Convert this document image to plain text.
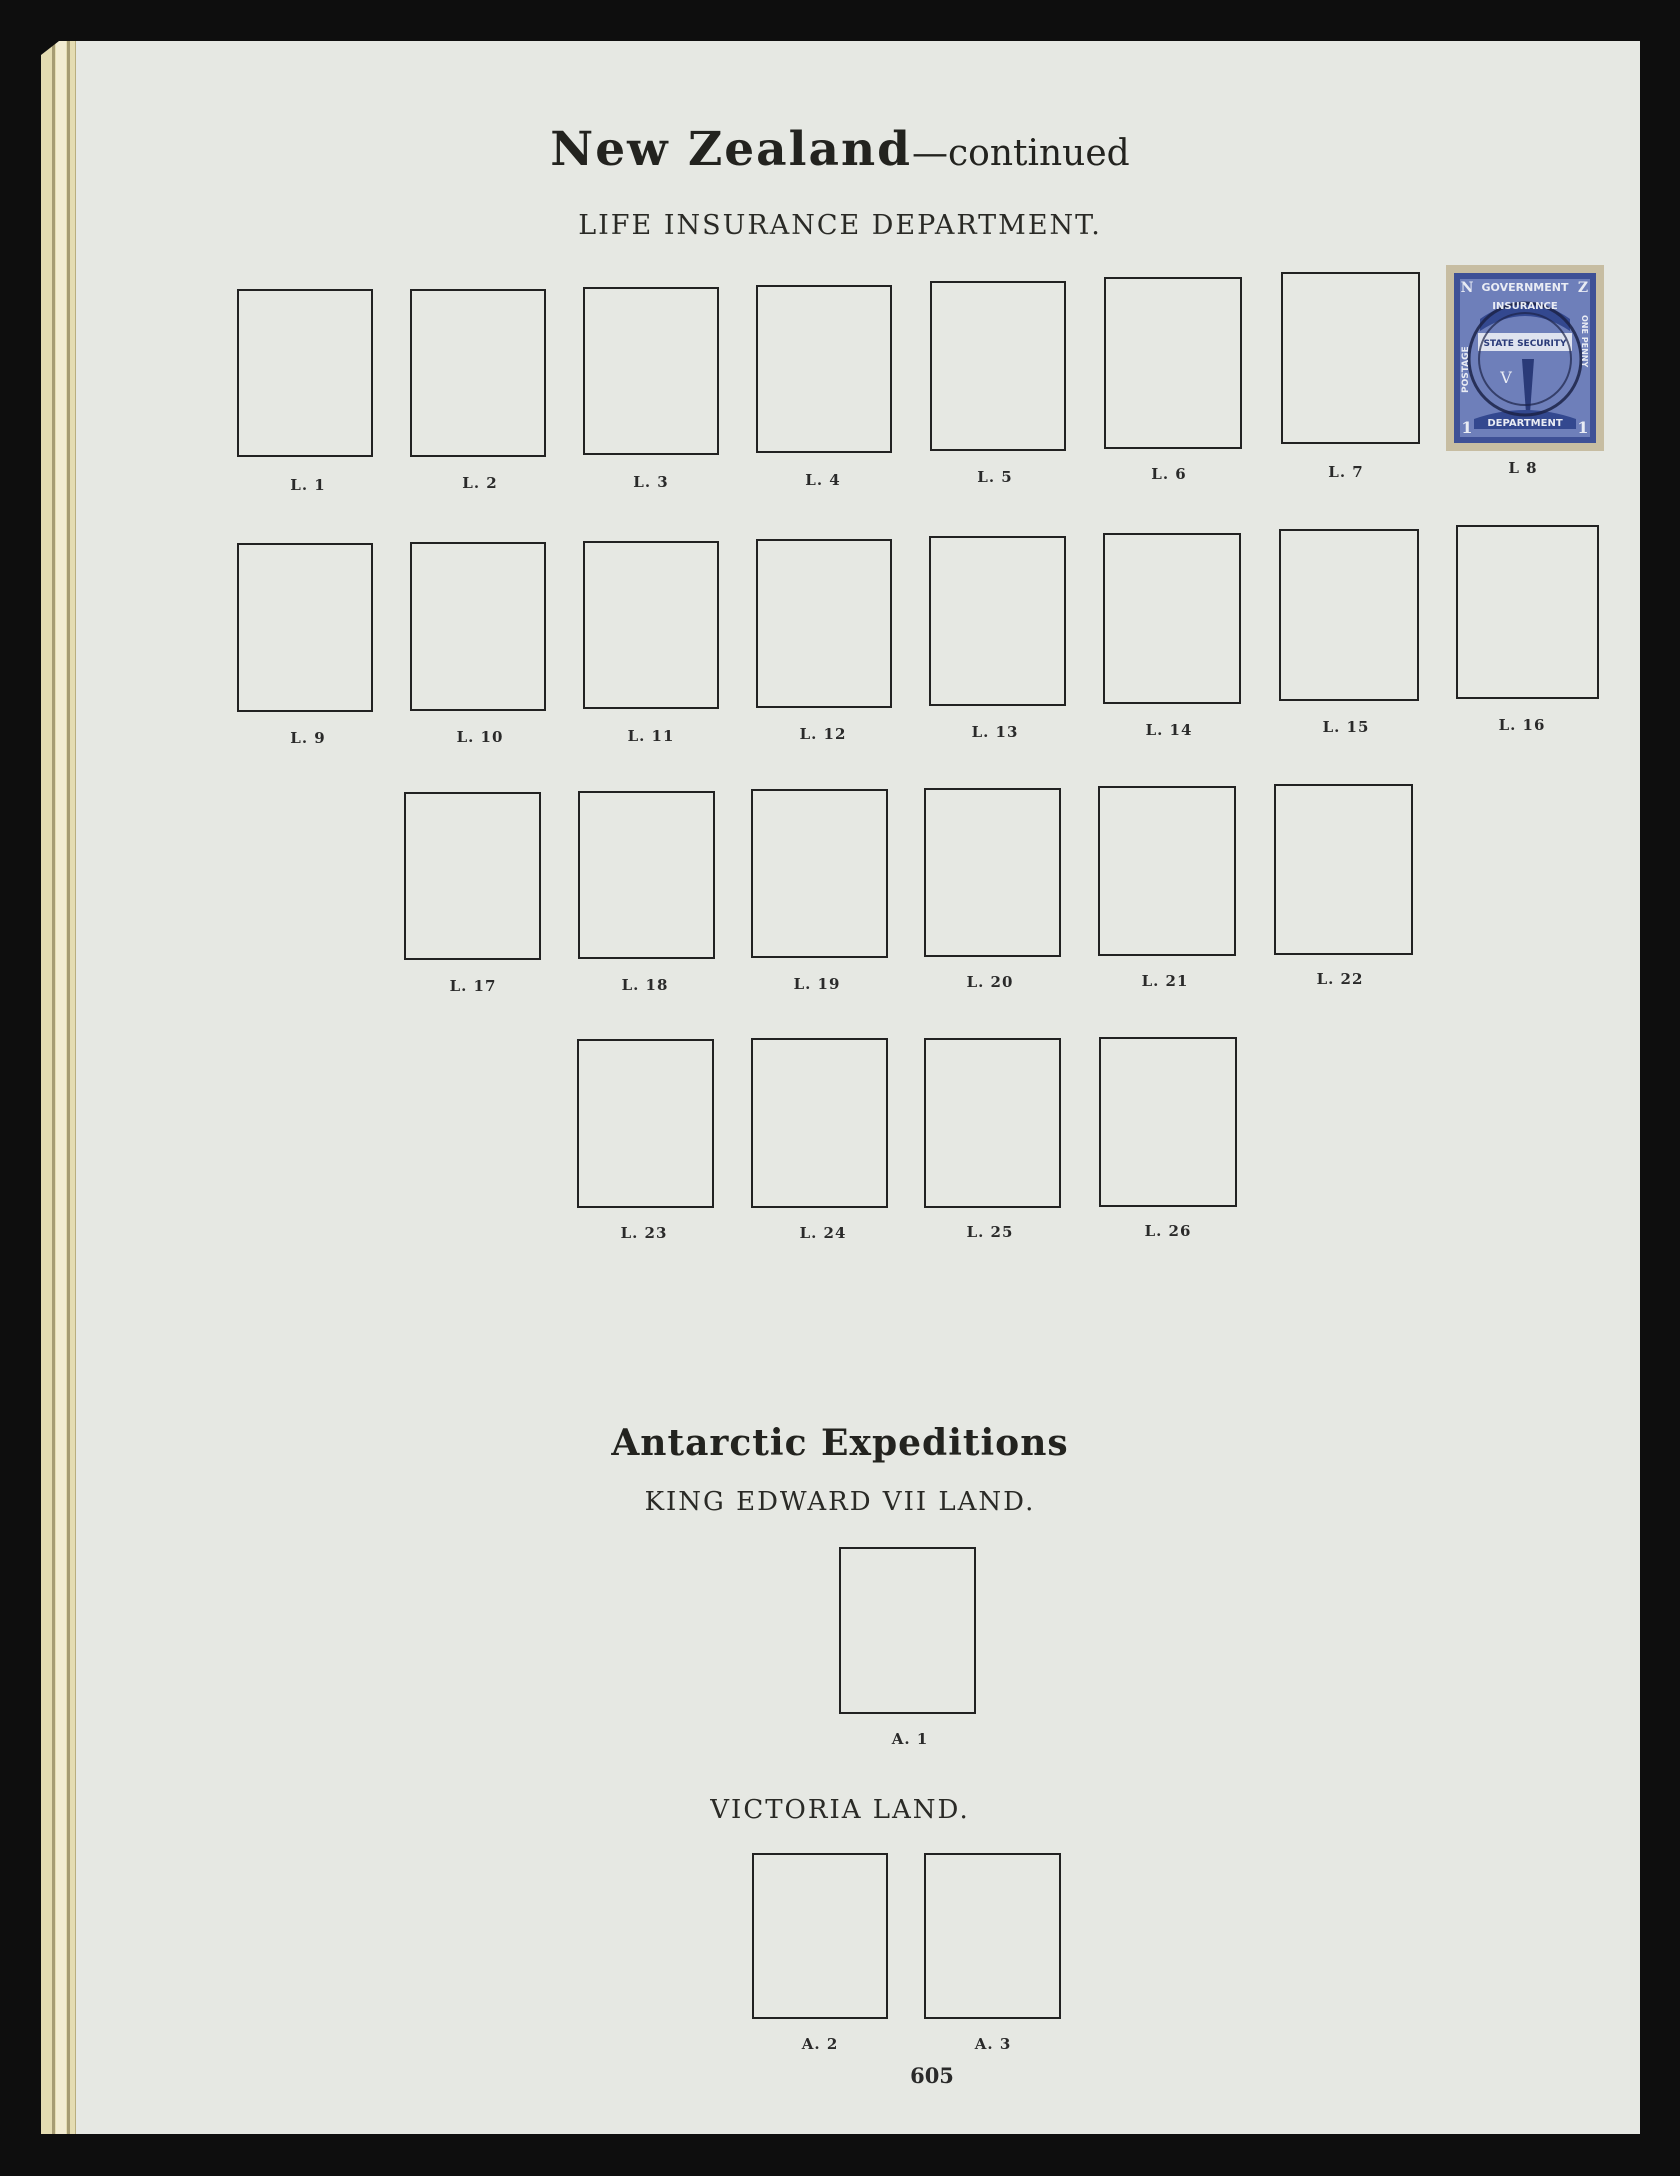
New Zealand—continued
LIFE INSURANCE DEPARTMENT.
L. 1	L. 2	L. 3	L. 4	L. 5	L. 6	L. 7	L 8
GOVERNMENT
INSURANCE
STATE SECURITY
V
DEPARTMENT
N	Z
1	1
POSTAGE
ONE PENNY
L. 9	L. 10	L. 11	L. 12	L. 13	L. 14	L. 15	L. 16
L. 17	L. 18	L. 19	L. 20	L. 21	L. 22
L. 23	L. 24	L. 25	L. 26
Antarctic Expeditions
KING EDWARD VII LAND.
A. 1
VICTORIA LAND.
A. 2	A. 3
605
